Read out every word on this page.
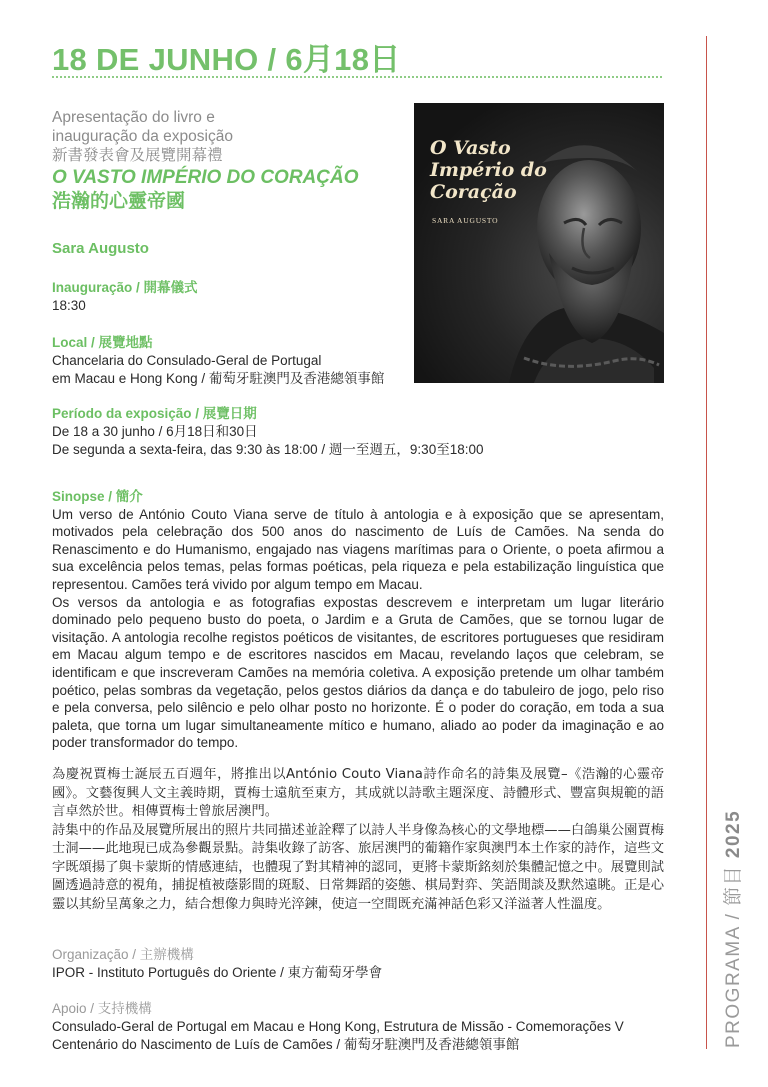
18 DE JUNHO / 6月18日
PROGRAMA / 節目 2025
Apresentação do livro e
inauguração da exposição
新書發表會及展覽開幕禮
O VASTO IMPÉRIO DO CORAÇÃO
浩瀚的心靈帝國
Sara Augusto
Inauguração / 開幕儀式
18:30
Local / 展覽地點
Chancelaria do Consulado-Geral de Portugal
em Macau e Hong Kong / 葡萄牙駐澳門及香港總領事館
Período da exposição / 展覽日期
De 18 a 30 junho / 6月18日和30日
De segunda a sexta-feira, das 9:30 às 18:00 / 週一至週五，9:30至18:00
O Vasto
Império do
Coração
SARA AUGUSTO
Sinopse / 簡介

Um verso de António Couto Viana serve de título à antologia e à exposição que se apresentam, motivados pela celebração dos 500 anos do nascimento de Luís de Camões. Na senda do Renascimento e do Humanismo, engajado nas viagens marítimas para o Oriente, o poeta afirmou a sua excelência pelos temas, pelas formas poéticas, pela riqueza e pela estabilização linguística que representou. Camões terá vivido por algum tempo em Macau.

Os versos da antologia e as fotografias expostas descrevem e interpretam um lugar literário dominado pelo pequeno busto do poeta, o Jardim e a Gruta de Camões, que se tornou lugar de visitação. A antologia recolhe registos poéticos de visitantes, de escritores portugueses que residiram em Macau algum tempo e de escritores nascidos em Macau, revelando laços que celebram, se identificam e que inscreveram Camões na memória coletiva. A exposição pretende um olhar também poético, pelas sombras da vegetação, pelos gestos diários da dança e do tabuleiro de jogo, pelo riso e pela conversa, pelo silêncio e pelo olhar posto no horizonte. É o poder do coração, em toda a sua paleta, que torna um lugar simultaneamente mítico e humano, aliado ao poder da imaginação e ao poder transformador do tempo.

為慶祝賈梅士誕辰五百週年，將推出以António Couto Viana詩作命名的詩集及展覽–《浩瀚的心靈帝國》。文藝復興人文主義時期，賈梅士遠航至東方，其成就以詩歌主題深度、詩體形式、豐富與規範的語言卓然於世。相傳賈梅士曾旅居澳門。

詩集中的作品及展覽所展出的照片共同描述並詮釋了以詩人半身像為核心的文學地標——白鴿巢公園賈梅士洞——此地現已成為參觀景點。詩集收錄了訪客、旅居澳門的葡籍作家與澳門本土作家的詩作，這些文字既頌揚了與卡蒙斯的情感連結，也體現了對其精神的認同，更將卡蒙斯銘刻於集體記憶之中。展覽則試圖透過詩意的視角，捕捉植被蔭影間的斑駁、日常舞蹈的姿態、棋局對弈、笑語閒談及默然遠眺。正是心靈以其紛呈萬象之力，結合想像力與時光淬鍊，使這一空間既充滿神話色彩又洋溢著人性溫度。

Organização / 主辦機構
IPOR - Instituto Português do Oriente / 東方葡萄牙學會
Apoio / 支持機構
Consulado-Geral de Portugal em Macau e Hong Kong, Estrutura de Missão - Comemorações V
Centenário do Nascimento de Luís de Camões / 葡萄牙駐澳門及香港總領事館
